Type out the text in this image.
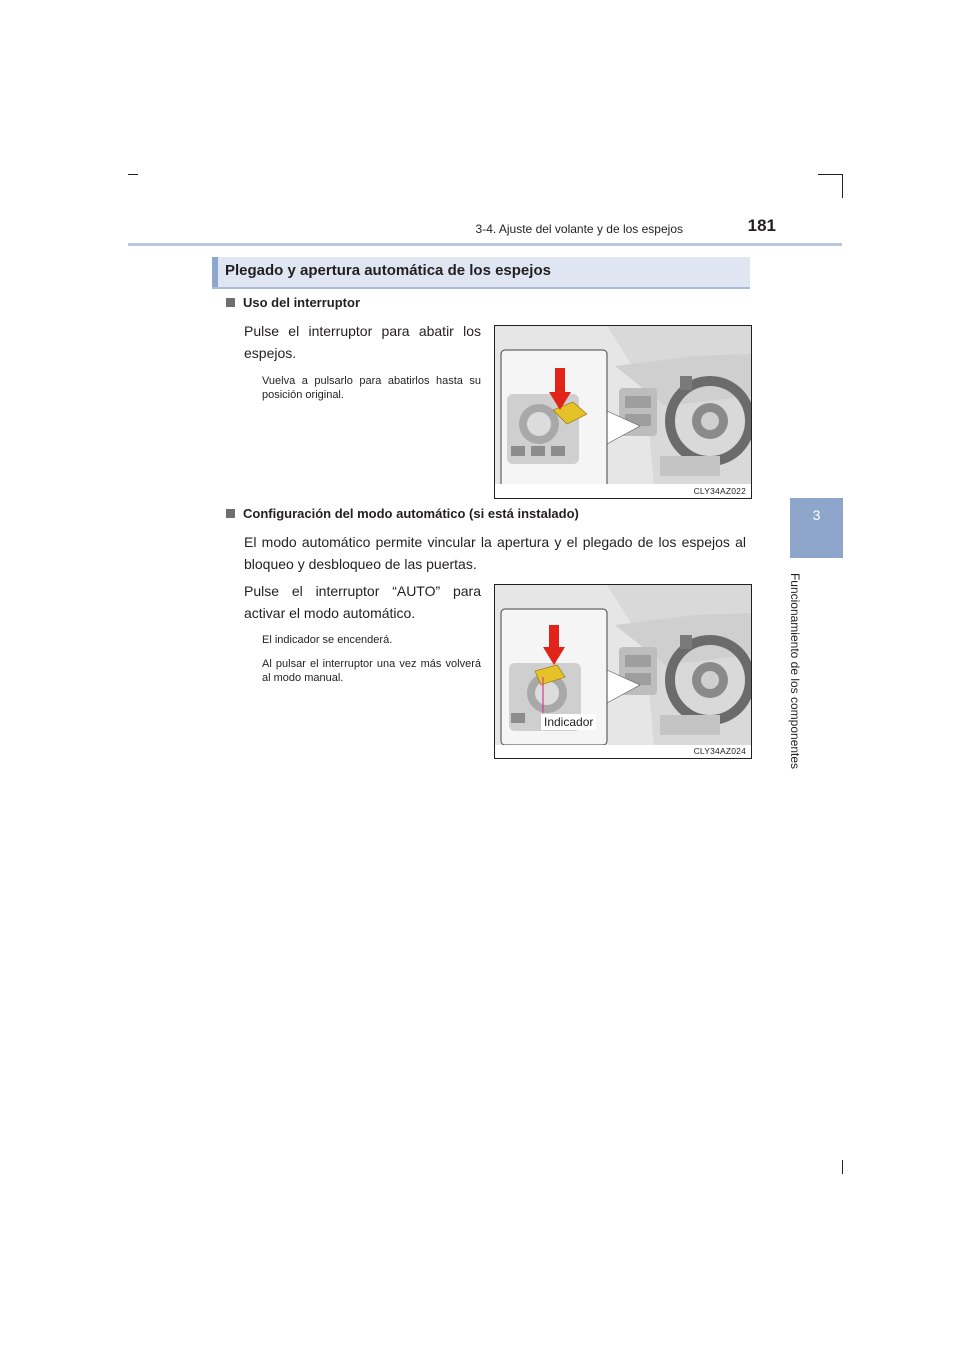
3-4. Ajuste del volante y de los espejos	181
3
Funcionamiento de los componentes
Plegado y apertura automática de los espejos
Uso del interruptor
Pulse el interruptor para abatir los espejos.
Vuelva a pulsarlo para abatirlos hasta su posición original.
CLY34AZ022
Configuración del modo automático (si está instalado)
El modo automático permite vincular la apertura y el plegado de los espejos al bloqueo y desbloqueo de las puertas.
Pulse el interruptor “AUTO” para activar el modo automático.
El indicador se encenderá.
Al pulsar el interruptor una vez más volverá al modo manual.
Indicador
CLY34AZ024
